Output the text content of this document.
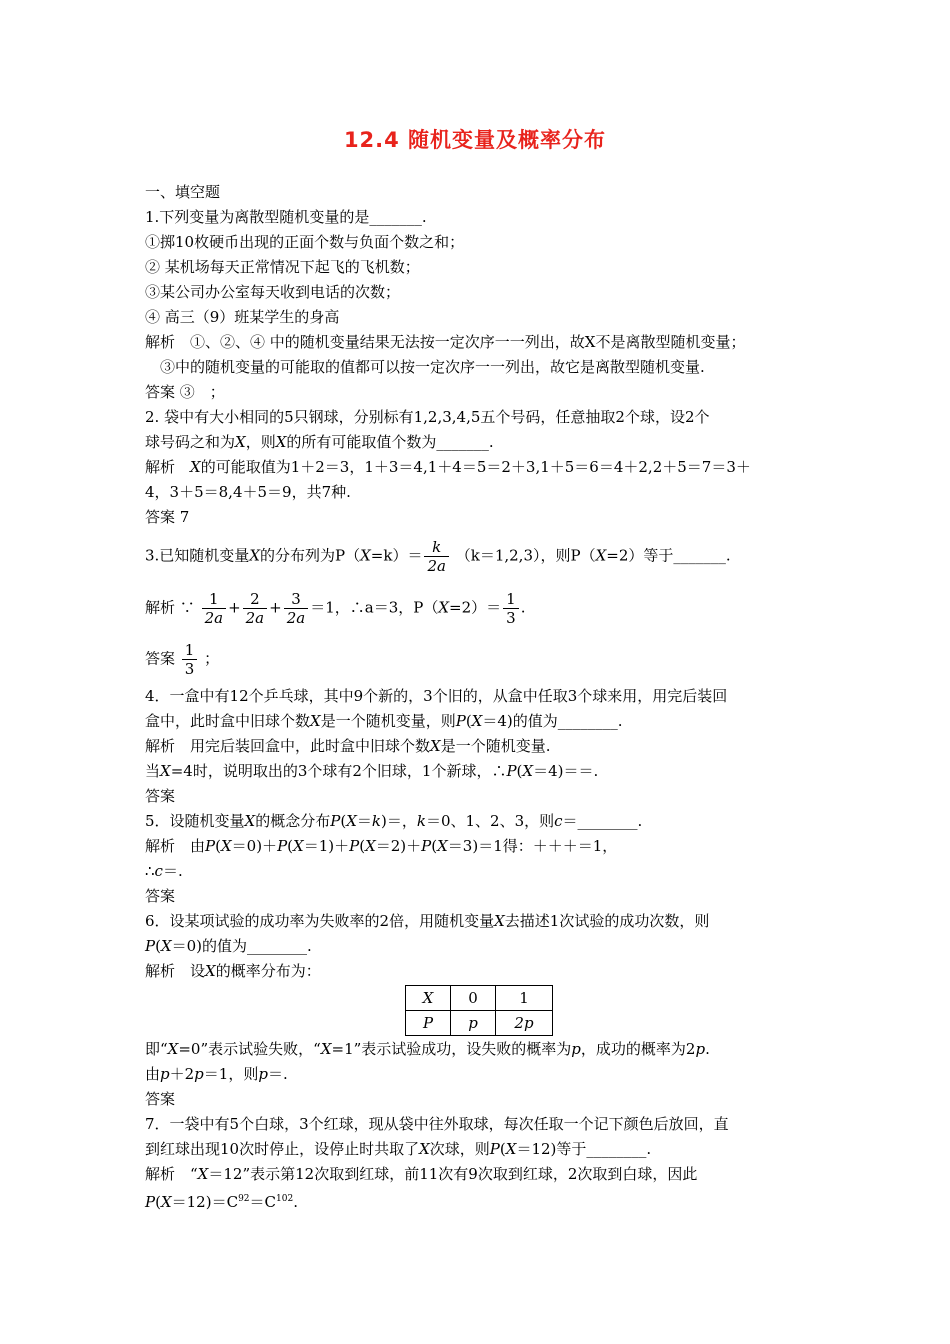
12.4 随机变量及概率分布
一、填空题
1.下列变量为离散型随机变量的是_______.
①掷10枚硬币出现的正面个数与负面个数之和；
② 某机场每天正常情况下起飞的飞机数；
③某公司办公室每天收到电话的次数；
④ 高三（9）班某学生的身高
解析　①、②、④ 中的随机变量结果无法按一定次序一一列出，故X不是离散型随机变量；
③中的随机变量的可能取的值都可以按一定次序一一列出，故它是离散型随机变量.
答案 ③　；
2. 袋中有大小相同的5只钢球，分别标有1,2,3,4,5五个号码，任意抽取2个球，设2个
球号码之和为X，则X的所有可能取值个数为_______.
解析　X的可能取值为1＋2＝3，1＋3＝4,1＋4＝5＝2＋3,1＋5＝6＝4＋2,2＋5＝7＝3＋
4，3＋5＝8,4＋5＝9，共7种.
答案 7
3.已知随机变量X的分布列为$P(X=k)= \frac{k}{2a} (k=1,2,3)$，则P（X=2）等于_______.
解析 ∵ $\frac{1}{2a} + \frac{2}{2a} + \frac{3}{2a} =1$，∴a＝3，$P(X=2)= \frac{1}{3}$ .
答案 $\frac{1}{3}$ ；
4．一盒中有12个乒乓球，其中9个新的，3个旧的，从盒中任取3个球来用，用完后装回
盒中，此时盒中旧球个数X是一个随机变量，则P(X＝4)的值为________.
解析　用完后装回盒中，此时盒中旧球个数X是一个随机变量.
当X=4时，说明取出的3个球有2个旧球，1个新球，∴P(X＝4)＝＝.
答案
5．设随机变量X的概念分布P(X＝k)＝，k＝0、1、2、3，则c＝________.
解析　由P(X＝0)＋P(X＝1)＋P(X＝2)＋P(X＝3)＝1得：＋＋＋＝1，
∴c＝.
答案
6．设某项试验的成功率为失败率的2倍，用随机变量X去描述1次试验的成功次数，则
P(X＝0)的值为________.
解析　设X的概率分布为：
X	0	1
P	p	2p
即“X=0”表示试验失败，“X=1”表示试验成功，设失败的概率为p，成功的概率为2p.
由p＋2p＝1，则p＝.
答案
7．一袋中有5个白球，3个红球，现从袋中往外取球，每次任取一个记下颜色后放回，直
到红球出现10次时停止，设停止时共取了X次球，则P(X＝12)等于________.
解析　“X＝12”表示第12次取到红球，前11次有9次取到红球，2次取到白球，因此
$P(X=12)=C^{92}=C^{102}$.
